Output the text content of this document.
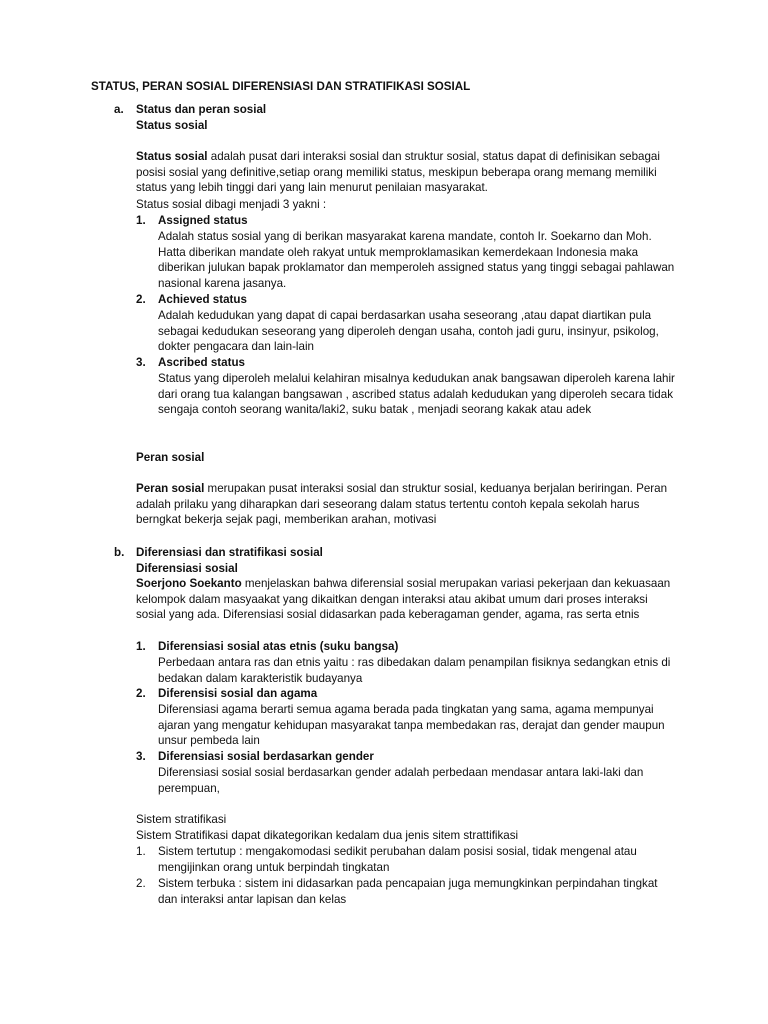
STATUS, PERAN SOSIAL DIFERENSIASI DAN STRATIFIKASI SOSIAL
a. Status dan peran sosial
Status sosial

Status sosial adalah pusat dari interaksi sosial dan struktur sosial, status dapat di definisikan sebagai posisi sosial yang definitive,setiap orang memiliki status, meskipun beberapa orang memang memiliki status yang lebih tinggi dari yang lain menurut penilaian masyarakat.

Status sosial dibagi menjadi 3 yakni :
1. Assigned status
Adalah status sosial yang di berikan masyarakat karena mandate, contoh Ir. Soekarno dan Moh. Hatta diberikan mandate oleh rakyat untuk memproklamasikan kemerdekaan Indonesia maka diberikan julukan bapak proklamator dan memperoleh assigned status yang tinggi sebagai pahlawan nasional karena jasanya.
2. Achieved status
Adalah kedudukan yang dapat di capai berdasarkan usaha seseorang ,atau dapat diartikan pula sebagai kedudukan seseorang yang diperoleh dengan usaha, contoh jadi guru, insinyur, psikolog, dokter pengacara dan lain-lain
3. Ascribed status
Status yang diperoleh melalui kelahiran misalnya kedudukan anak bangsawan diperoleh karena lahir dari orang tua kalangan bangsawan , ascribed status adalah kedudukan yang diperoleh secara tidak sengaja contoh seorang wanita/laki2, suku batak , menjadi seorang kakak atau adek
Peran sosial

Peran sosial merupakan pusat interaksi sosial dan struktur sosial, keduanya berjalan beriringan. Peran adalah prilaku yang diharapkan dari seseorang dalam status tertentu contoh kepala sekolah harus berngkat bekerja sejak pagi, memberikan arahan, motivasi

b. Diferensiasi dan stratifikasi sosial
Diferensiasi sosial

Soerjono Soekanto menjelaskan bahwa diferensial sosial merupakan variasi pekerjaan dan kekuasaan kelompok dalam masyaakat yang dikaitkan dengan interaksi atau akibat umum dari proses interaksi sosial yang ada. Diferensiasi sosial didasarkan pada keberagaman gender, agama, ras serta etnis

1. Diferensiasi sosial atas etnis (suku bangsa)
Perbedaan antara ras dan etnis yaitu : ras dibedakan dalam penampilan fisiknya sedangkan etnis di bedakan dalam karakteristik budayanya
2. Diferensisi sosial dan agama
Diferensiasi agama berarti semua agama berada pada tingkatan yang sama, agama mempunyai ajaran yang mengatur kehidupan masyarakat tanpa membedakan ras, derajat dan gender maupun unsur pembeda lain
3. Diferensiasi sosial berdasarkan gender
Diferensiasi sosial sosial berdasarkan gender adalah perbedaan mendasar antara laki-laki dan perempuan,
Sistem stratifikasi
Sistem Stratifikasi dapat dikategorikan kedalam dua jenis sitem strattifikasi
1. Sistem tertutup : mengakomodasi sedikit perubahan dalam posisi sosial, tidak mengenal atau mengijinkan orang untuk berpindah tingkatan
2. Sistem terbuka : sistem ini didasarkan pada pencapaian juga memungkinkan perpindahan tingkat dan interaksi antar lapisan dan kelas
